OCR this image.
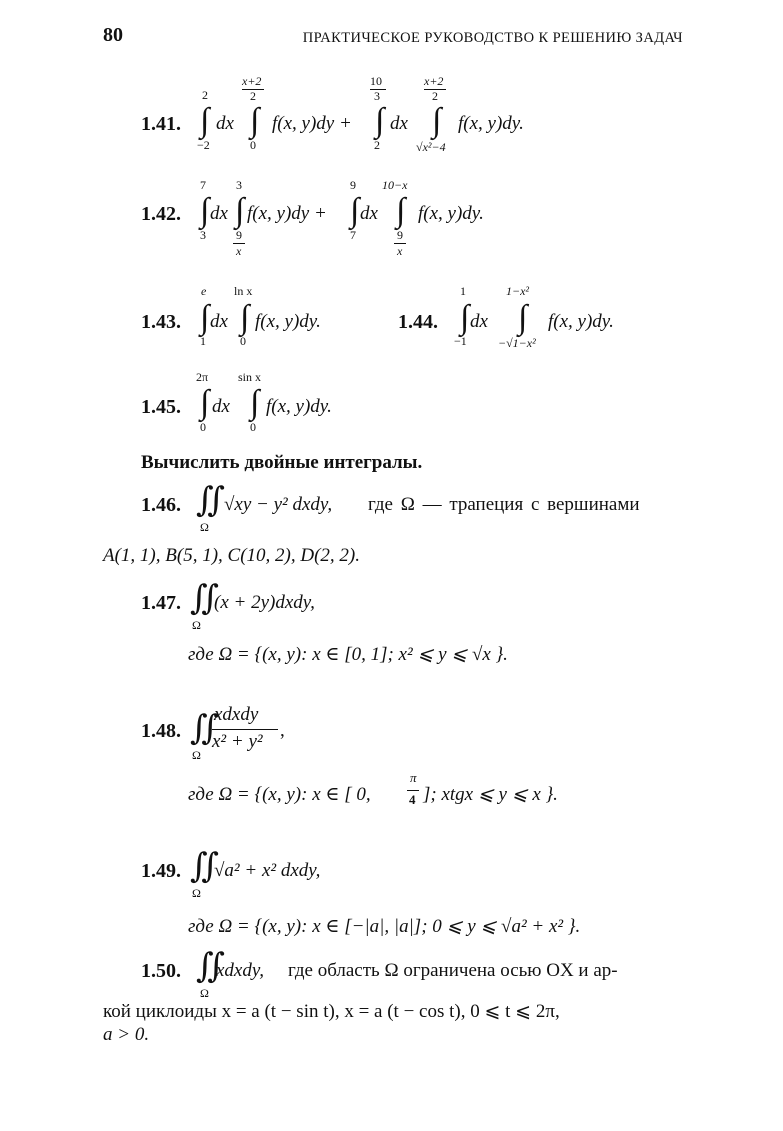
80	ПРАКТИЧЕСКОЕ РУКОВОДСТВО К РЕШЕНИЮ ЗАДАЧ
1.41. ∫
2
−2
dx ∫
x+2
2
0
f(x, y)dy + ∫
10
3
2
dx ∫
x+2
2
√x²−4
f(x, y)dy.
1.42. ∫
7
3
dx ∫
3
9
x
f(x, y)dy + ∫
9
7
dx ∫
10−x
9
x
f(x, y)dy.
1.43. ∫
e
1
dx ∫
ln x
0
f(x, y)dy.	1.44. ∫
1
−1
dx ∫
1−x²
−√1−x²
f(x, y)dy.
1.45. ∫
2π
0
dx ∫
sin x
0
f(x, y)dy.
Вычислить двойные интегралы.
1.46. ∬
Ω
√xy − y² dxdy, где Ω — трапеция с вершинами
A(1, 1), B(5, 1), C(10, 2), D(2, 2).
1.47. ∬
Ω
(x + 2y)dxdy,
где Ω = {(x, y): x ∈ [0, 1]; x² ⩽ y ⩽ √x }.
1.48. ∬
Ω
xdxdy
x² + y²
,
где Ω = {(x, y): x ∈ [ 0,
π
4 ]; xtgx ⩽ y ⩽ x }.
1.49. ∬
Ω
√a² + x² dxdy,
где Ω = {(x, y): x ∈ [−|a|, |a|]; 0 ⩽ y ⩽ √a² + x² }.
1.50. ∬
Ω
xdxdy, где область Ω ограничена осью OX и ар-
кой циклоиды x = a (t − sin t), x = a (t − cos t), 0 ⩽ t ⩽ 2π,
a > 0.
